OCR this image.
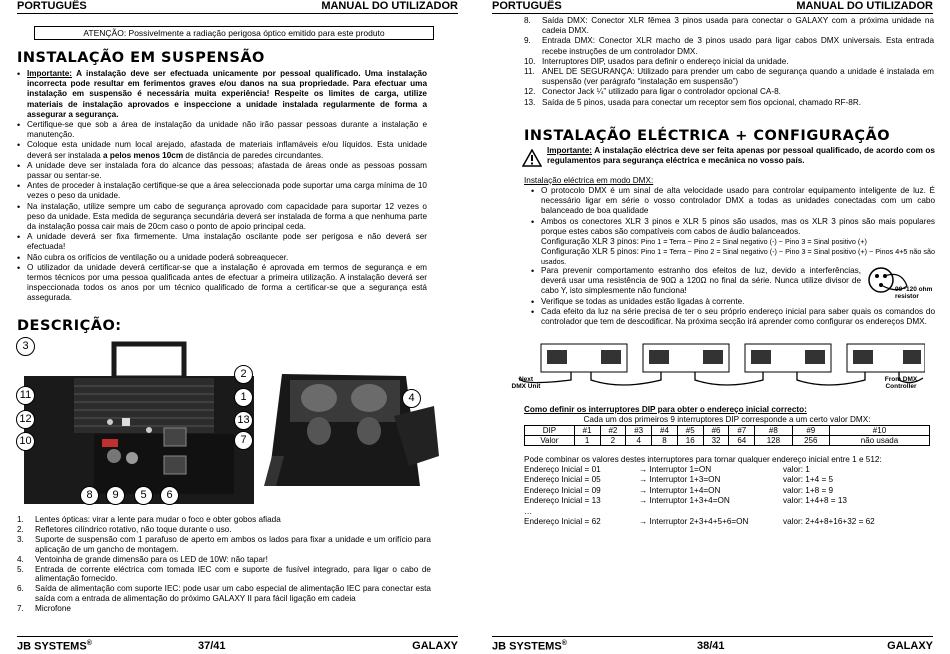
PORTUGUÊS	MANUAL DO UTILIZADOR
ATENÇÃO: Possivelmente a radiação perigosa óptico emitido para este produto
INSTALAÇÃO EM SUSPENSÃO
• Importante: A instalação deve ser efectuada unicamente por pessoal qualificado. Uma instalação incorrecta pode resultar em ferimentos graves e/ou danos na sua propriedade. Para efectuar uma instalação em suspensão é necessária muita experiência! Respeite os limites de carga, utilize materiais de instalação aprovados e inspeccione a unidade instalada regularmente de forma a assegurar a segurança.
• Certifique-se que sob a área de instalação da unidade não irão passar pessoas durante a instalação e manutenção.
• Coloque esta unidade num local arejado, afastada de materiais inflamáveis e/ou líquidos. Esta unidade deverá ser instalada a pelos menos 10cm de distância de paredes circundantes.
• A unidade deve ser instalada fora do alcance das pessoas; afastada de áreas onde as pessoas possam passar ou sentar-se.
• Antes de proceder à instalação certifique-se que a área seleccionada pode suportar uma carga mínima de 10 vezes o peso da unidade.
• Na instalação, utilize sempre um cabo de segurança aprovado com capacidade para suportar 12 vezes o peso da unidade. Esta medida de segurança secundária deverá ser instalada de forma a que nenhuma parte da instalação possa cair mais de 20cm caso o ponto de apoio principal ceda.
• A unidade deverá ser fixa firmemente. Uma instalação oscilante pode ser perigosa e não deverá ser efectuada!
• Não cubra os orifícios de ventilação ou a unidade poderá sobreaquecer.
• O utilizador da unidade deverá certificar-se que a instalação é aprovada em termos de segurança e em termos técnicos por uma pessoa qualificada antes de efectuar a primeira utilização. A instalação deverá ser inspeccionada todos os anos por um técnico qualificado de forma a certificar-se que a segurança está assegurada.
DESCRIÇÃO:
3
11
12
10
8	9	5	6
2
1
13
7
4
1. Lentes ópticas: virar a lente para mudar o foco e obter gobos afiada
2. Refletores cilíndrico rotativo, não toque durante o uso.
3. Suporte de suspensão com 1 parafuso de aperto em ambos os lados para fixar a unidade e um orifício para aplicação de um gancho de montagem.
4. Ventoinha de grande dimensão para os LED de 10W: não tapar!
5. Entrada de corrente eléctrica com tomada IEC com e suporte de fusível integrado, para ligar o cabo de alimentação fornecido.
6. Saída de alimentação com suporte IEC: pode usar um cabo especial de alimentação IEC para conectar esta saída com a entrada de alimentação do próximo GALAXY II para fácil ligação em cadeia
7. Microfone
JB SYSTEMS®	37/41	GALAXY
PORTUGUÊS	MANUAL DO UTILIZADOR
8. Saída DMX: Conector XLR fêmea 3 pinos usada para conectar o GALAXY com a próxima unidade na cadeia DMX.
9. Entrada DMX: Conector XLR macho de 3 pinos usado para ligar cabos DMX universais. Esta entrada recebe instruções de um controlador DMX.
10. Interruptores DIP, usados para definir o endereço inicial da unidade.
11. ANEL DE SEGURANÇA: Utilizado para prender um cabo de segurança quando a unidade é instalada em suspensão (ver parágrafo “instalação em suspensão”)
12. Conector Jack ¼” utilizado para ligar o controlador opcional CA-8.
13. Saída de 5 pinos, usada para conectar um receptor sem fios opcional, chamado RF-8R.
INSTALAÇÃO ELÉCTRICA + CONFIGURAÇÃO
Importante: A instalação eléctrica deve ser feita apenas por pessoal qualificado, de acordo com os regulamentos para segurança eléctrica e mecânica no vosso país.
Instalação eléctrica em modo DMX:
• O protocolo DMX é um sinal de alta velocidade usado para controlar equipamento inteligente de luz. É necessário ligar em série o vosso controlador DMX a todas as unidades conectadas com um cabo balanceado de boa qualidade
• Ambos os conectores XLR 3 pinos e XLR 5 pinos são usados, mas os XLR 3 pinos são mais populares porque estes cabos são compatíveis com cabos de áudio balanceados.
Configuração XLR 3 pinos: Pino 1 = Terra ~ Pino 2 = Sinal negativo (-) ~ Pino 3 = Sinal positivo (+)
Configuração XLR 5 pinos: Pino 1 = Terra ~ Pino 2 = Sinal negativo (-) ~ Pino 3 = Sinal positivo (+) ~ Pinos 4+5 não são usados.
• Para prevenir comportamento estranho dos efeitos de luz, devido a interferências, deverá usar uma resistência de 90Ω a 120Ω no final da série. Nunca utilize divisor de cabo Y, isto simplesmente não funciona!
• Verifique se todas as unidades estão ligadas à corrente.
• Cada efeito da luz na série precisa de ter o seu próprio endereço inicial para saber quais os comandos do controlador que tem de descodificar. Na próxima secção irá aprender como configurar os endereços DMX.
90~120 ohm resistor
Next DMX Unit
From DMX Controller
Como definir os interruptores DIP para obter o endereço inicial correcto:
Cada um dos primeiros 9 interruptores DIP corresponde a um certo valor DMX:
Pode combinar os valores destes interruptores para tornar qualquer endereço inicial entre 1 e 512:
Endereço Inicial = 01	→ Interruptor 1=ON	valor: 1
Endereço Inicial = 05	→ Interruptor 1+3=ON	valor: 1+4 = 5
Endereço Inicial = 09	→ Interruptor 1+4=ON	valor: 1+8 = 9
Endereço Inicial = 13	→ Interruptor 1+3+4=ON	valor: 1+4+8 = 13
…
Endereço Inicial = 62	→ Interruptor 2+3+4+5+6=ON	valor: 2+4+8+16+32 = 62
JB SYSTEMS®	38/41	GALAXY
DIP	#1	#2	#3	#4	#5	#6	#7	#8	#9	#10
Valor	1	2	4	8	16	32	64	128	256	não usada
